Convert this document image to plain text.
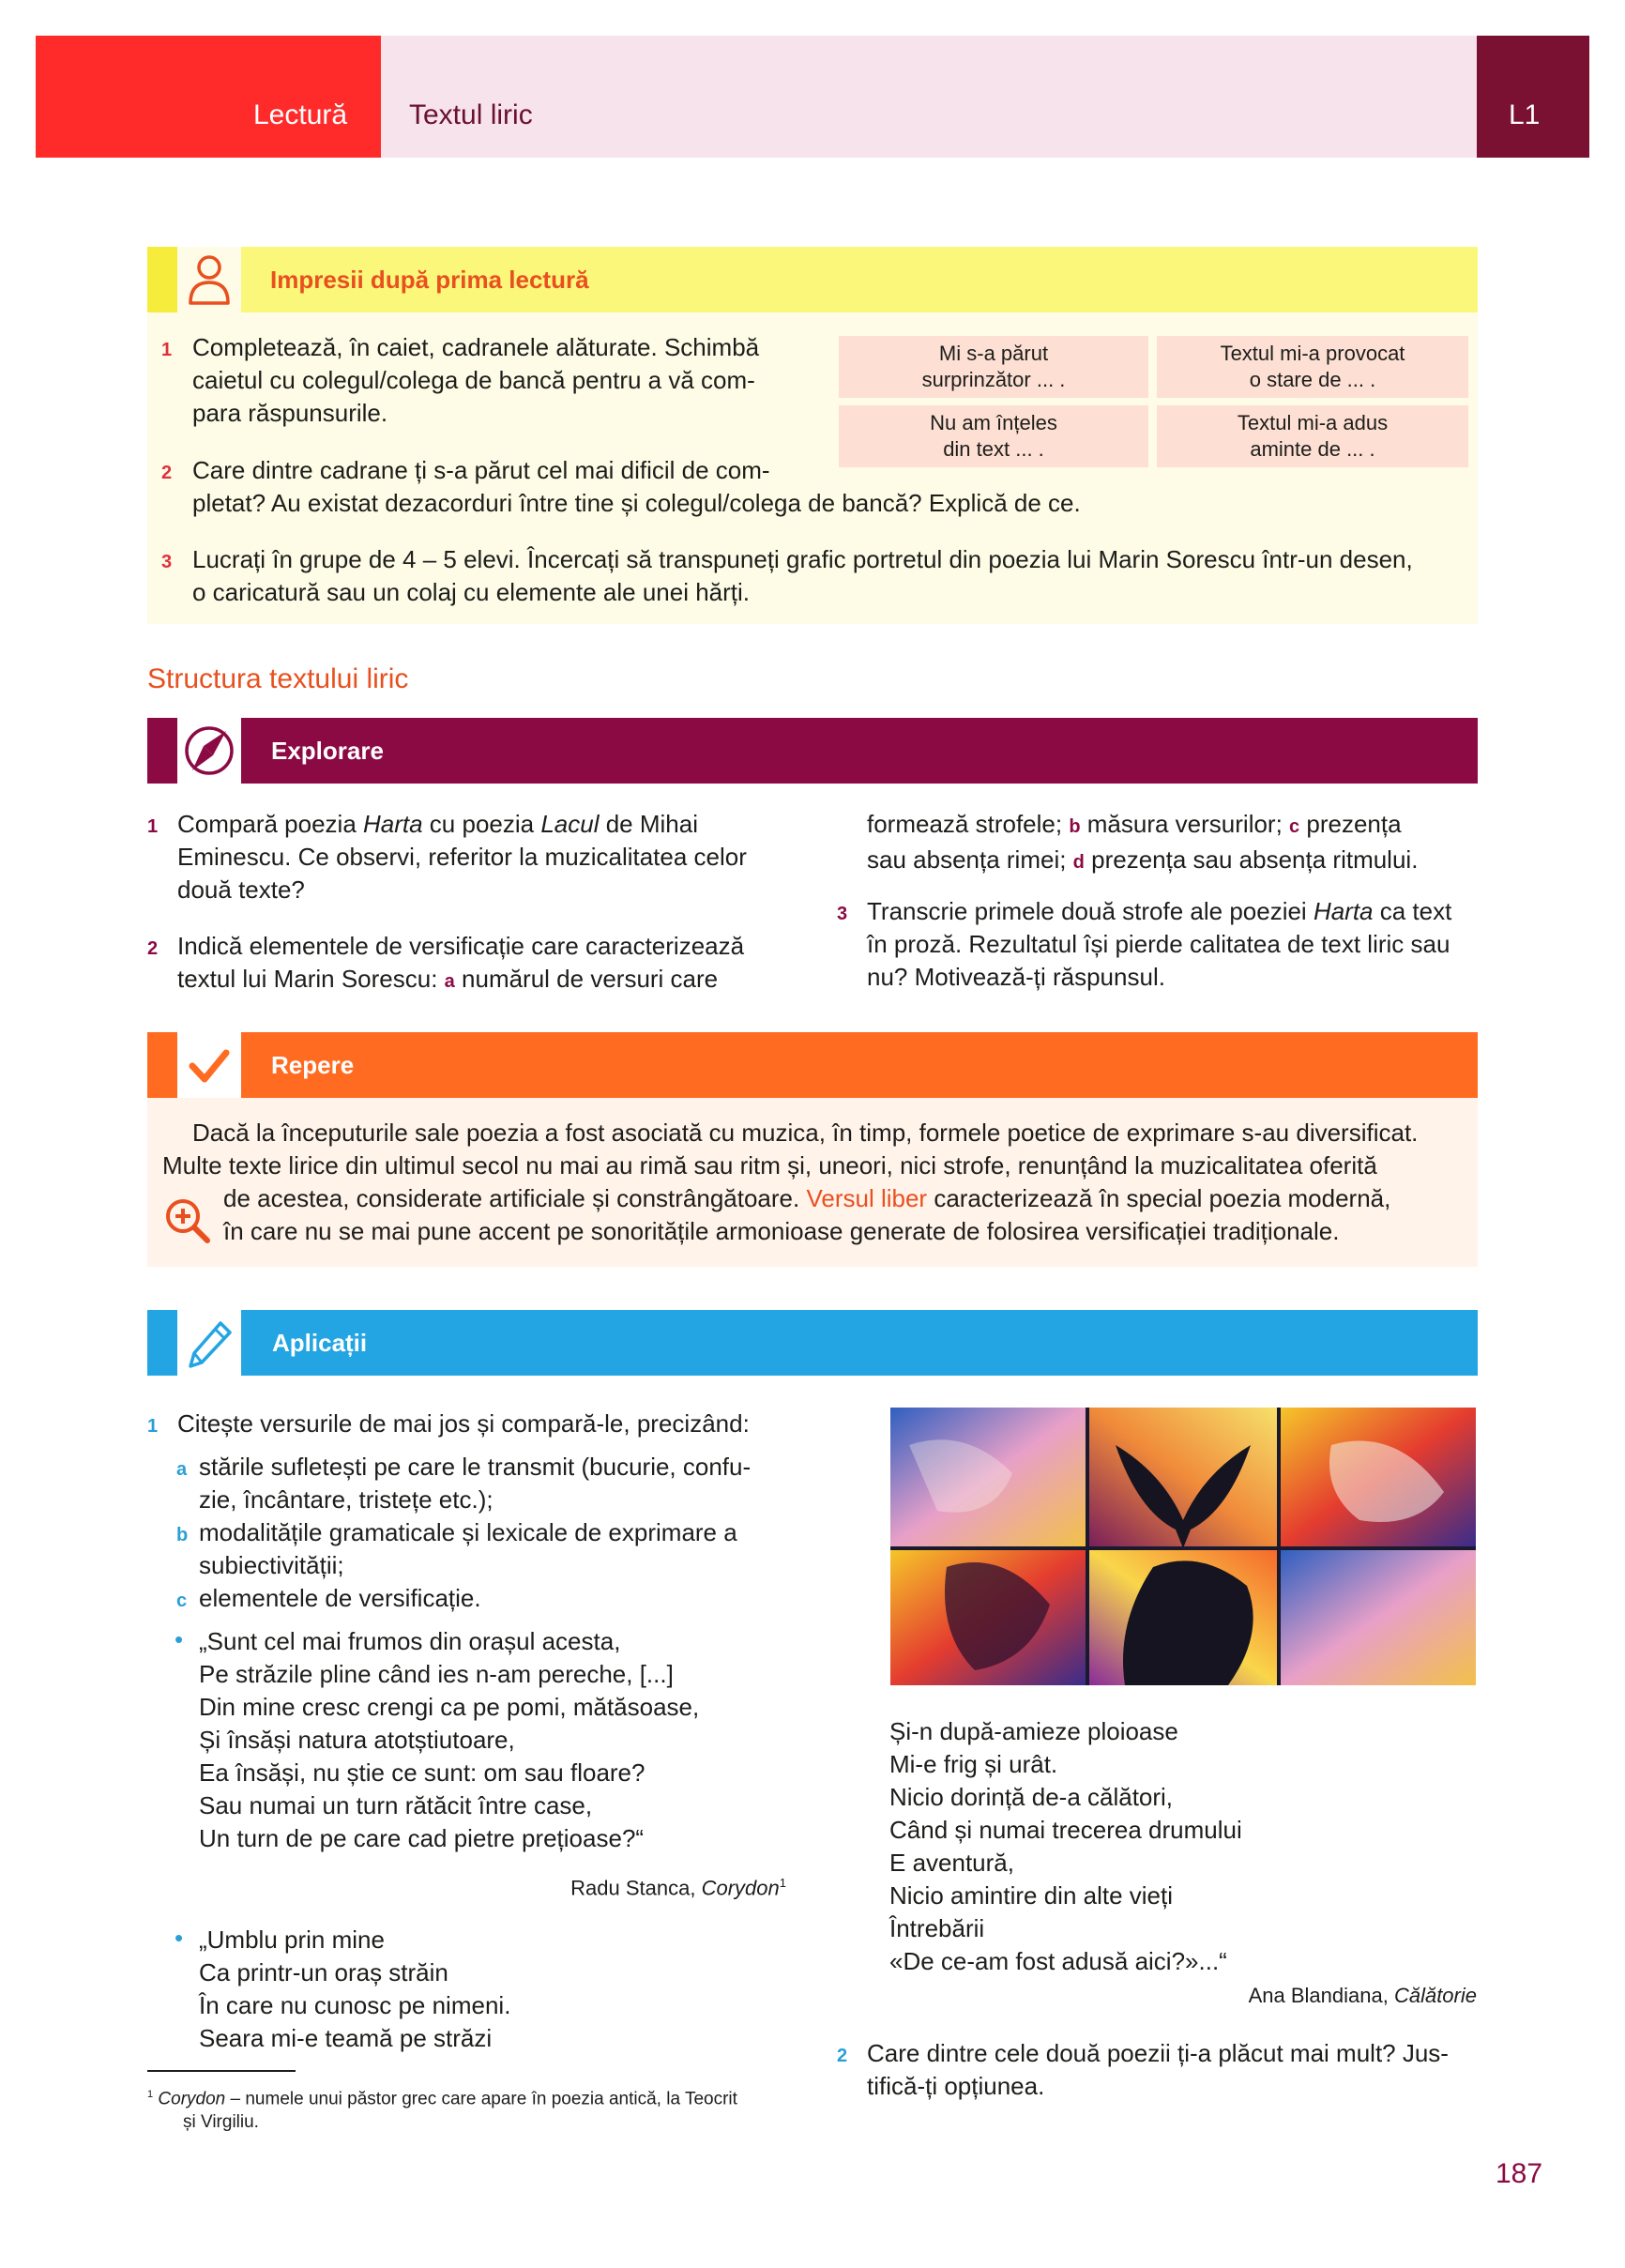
Lectură Textul liric	L1
Impresii după prima lectură
1 Completează, în caiet, cadranele alăturate. Schimbă
caietul cu colegul/colega de bancă pentru a vă com-
para răspunsurile.
Mi s-a părut
surprinzător ... .
Textul mi-a provocat
o stare de ... .
Nu am înțeles
din text ... .
Textul mi-a adus
aminte de ... .
2 Care dintre cadrane ți s-a părut cel mai dificil de com-
pletat? Au existat dezacorduri între tine și colegul/colega de bancă? Explică de ce.
3 Lucrați în grupe de 4 – 5 elevi. Încercați să transpuneți grafic portretul din poezia lui Marin Sorescu într-un desen,
o caricatură sau un colaj cu elemente ale unei hărți.
Structura textului liric
Explorare
1 Compară poezia Harta cu poezia Lacul de Mihai
Eminescu. Ce observi, referitor la muzicalitatea celor
două texte?
2 Indică elementele de versificație care caracterizează
textul lui Marin Sorescu: a numărul de versuri care
formează strofele; b măsura versurilor; c prezența
sau absența rimei; d prezența sau absența ritmului.
3 Transcrie primele două strofe ale poeziei Harta ca text
în proză. Rezultatul își pierde calitatea de text liric sau
nu? Motivează-ți răspunsul.
Repere
Dacă la începuturile sale poezia a fost asociată cu muzica, în timp, formele poetice de exprimare s-au diversificat.
Multe texte lirice din ultimul secol nu mai au rimă sau ritm și, uneori, nici strofe, renunțând la muzicalitatea oferită
de acestea, considerate artificiale și constrângătoare. Versul liber caracterizează în special poezia modernă,
în care nu se mai pune accent pe sonoritățile armonioase generate de folosirea versificației tradiționale.
Aplicații
1 Citește versurile de mai jos și compară-le, precizând:
a stările sufletești pe care le transmit (bucurie, confu-
zie, încântare, tristețe etc.);
b modalitățile gramaticale și lexicale de exprimare a
subiectivității;
c elementele de versificație.
• „Sunt cel mai frumos din orașul acesta,
Pe străzile pline când ies n-am pereche, [...]
Din mine cresc crengi ca pe pomi, mătăsoase,
Și însăși natura atotștiutoare,
Ea însăși, nu știe ce sunt: om sau floare?
Sau numai un turn rătăcit între case,
Un turn de pe care cad pietre prețioase?“
Radu Stanca, Corydon$^1$
• „Umblu prin mine
Ca printr-un oraș străin
În care nu cunosc pe nimeni.
Seara mi-e teamă pe străzi
Și-n după-amieze ploioase
Mi-e frig și urât.
Nicio dorință de-a călători,
Când și numai trecerea drumului
E aventură,
Nicio amintire din alte vieți
Întrebării
«De ce-am fost adusă aici?»...“
Ana Blandiana, Călătorie
2 Care dintre cele două poezii ți-a plăcut mai mult? Jus-
tifică-ți opțiunea.
$^1$ Corydon – numele unui păstor grec care apare în poezia antică, la Teocrit
și Virgiliu.
187
